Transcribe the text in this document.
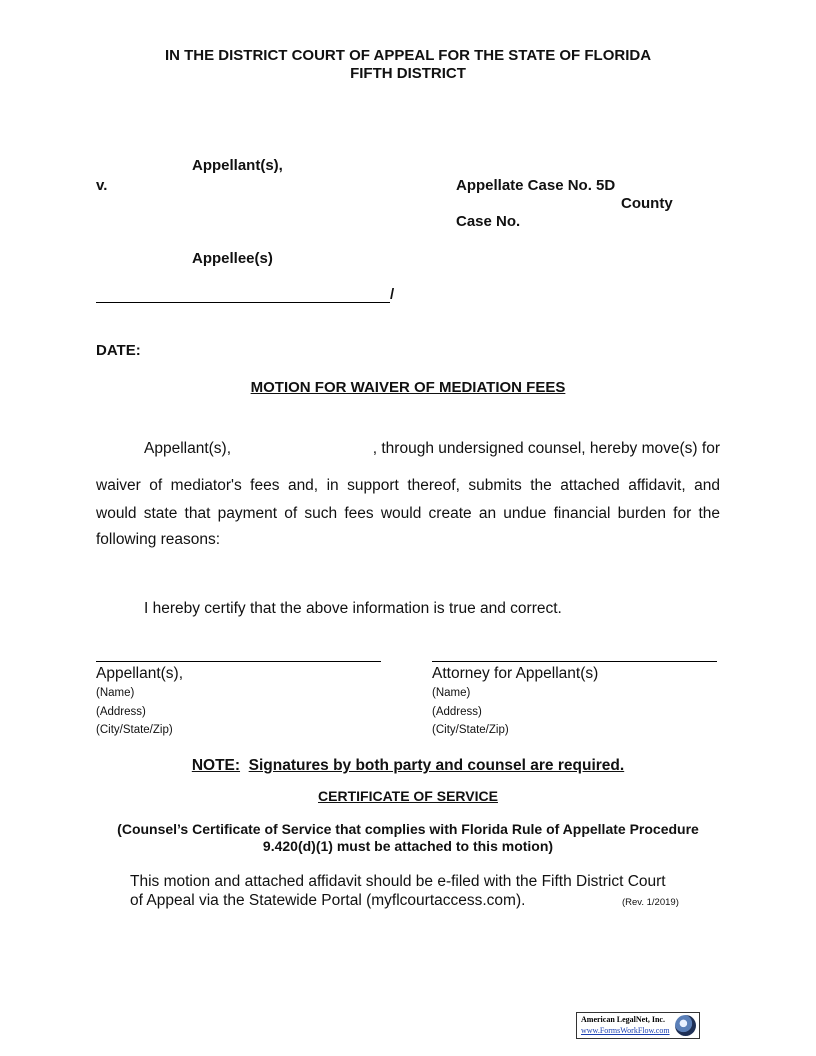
IN THE DISTRICT COURT OF APPEAL FOR THE STATE OF FLORIDA
FIFTH DISTRICT
Appellant(s),
v.	Appellate Case No. 5D
County
Case No.
Appellee(s)
/
DATE:
MOTION FOR WAIVER OF MEDIATION FEES
Appellant(s),	, through undersigned counsel, hereby move(s) for
waiver of mediator's fees and, in support thereof, submits the attached affidavit, and
would state that payment of such fees would create an undue financial burden for the
following reasons:
I hereby certify that the above information is true and correct.
Appellant(s),
(Name)
(Address)
(City/State/Zip)
Attorney for Appellant(s)
(Name)
(Address)
(City/State/Zip)
NOTE: Signatures by both party and counsel are required.
CERTIFICATE OF SERVICE
(Counsel’s Certificate of Service that complies with Florida Rule of Appellate Procedure
9.420(d)(1) must be attached to this motion)
This motion and attached affidavit should be e-filed with the Fifth District Court
of Appeal via the Statewide Portal (myflcourtaccess.com).	(Rev. 1/2019)
American LegalNet, Inc.
www.FormsWorkFlow.com
